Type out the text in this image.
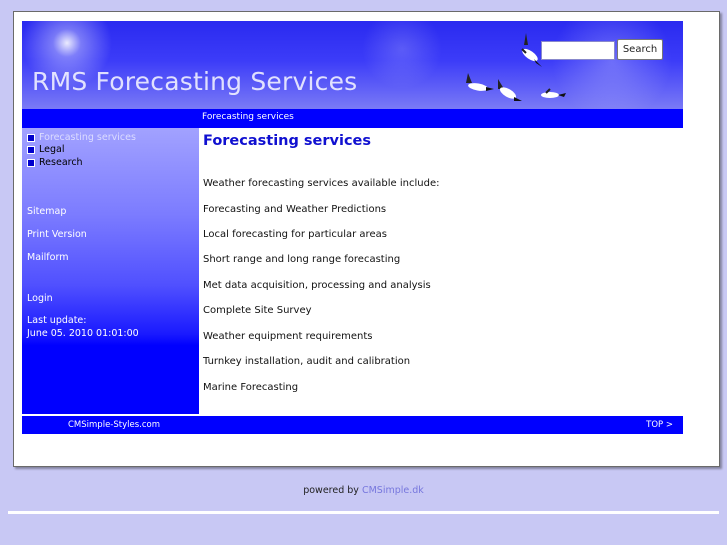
RMS Forecasting Services
Search
Forecasting services
Forecasting services
Legal
Research
Sitemap
Print Version
Mailform
Login
Last update:
June 05. 2010 01:01:00
Forecasting services
Weather forecasting services available include:
Forecasting and Weather Predictions
Local forecasting for particular areas
Short range and long range forecasting
Met data acquisition, processing and analysis
Complete Site Survey
Weather equipment requirements
Turnkey installation, audit and calibration
Marine Forecasting
CMSimple-Styles.com	TOP >
powered by CMSimple.dk
